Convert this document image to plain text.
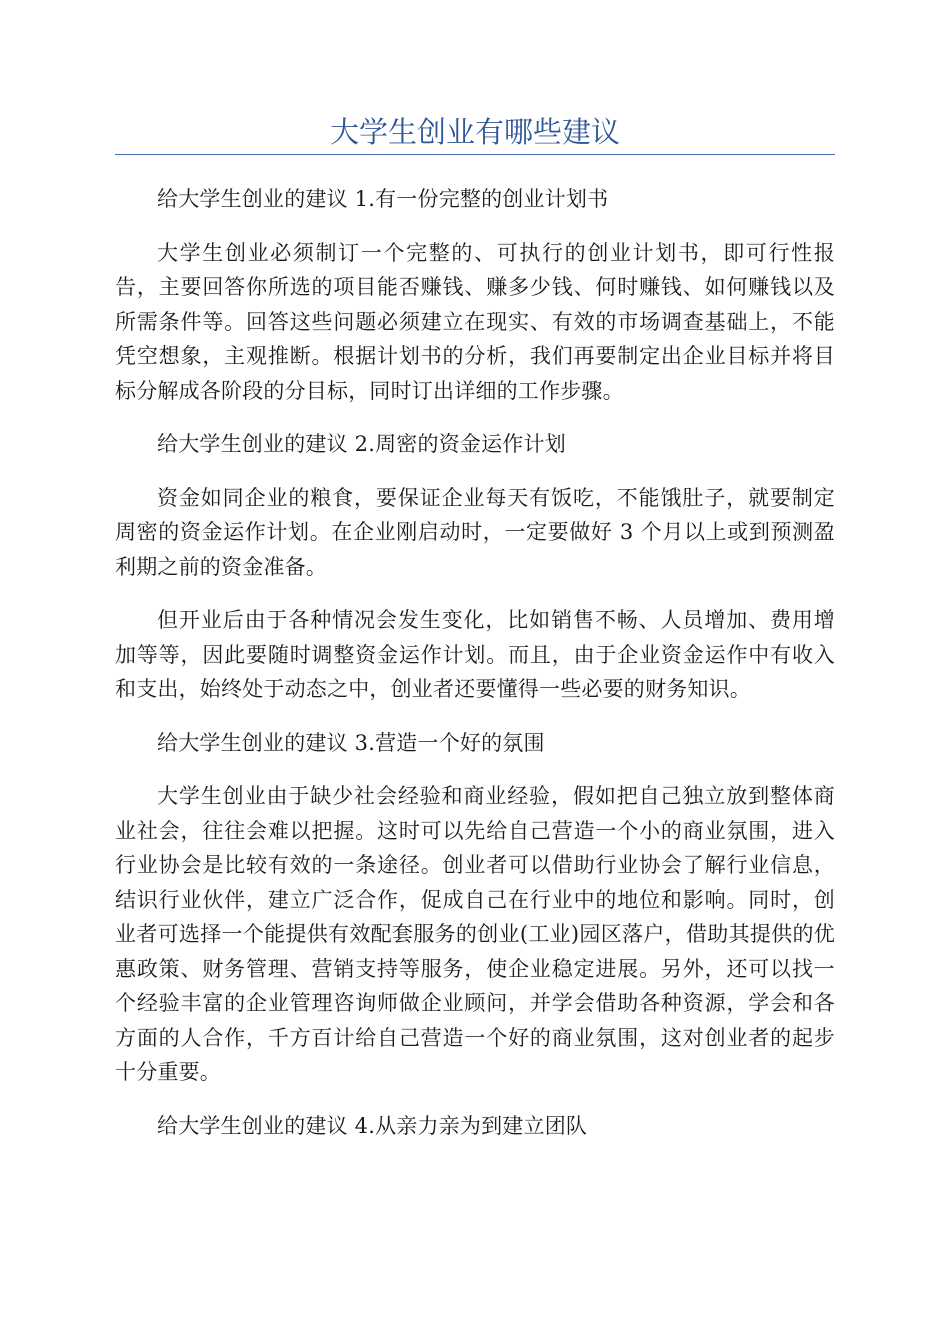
大学生创业有哪些建议

给大学生创业的建议 1.有一份完整的创业计划书

大学生创业必须制订一个完整的、可执行的创业计划书，即可行性报告，主要回答你所选的项目能否赚钱、赚多少钱、何时赚钱、如何赚钱以及所需条件等。回答这些问题必须建立在现实、有效的市场调查基础上，不能凭空想象，主观推断。根据计划书的分析，我们再要制定出企业目标并将目标分解成各阶段的分目标，同时订出详细的工作步骤。

给大学生创业的建议 2.周密的资金运作计划

资金如同企业的粮食，要保证企业每天有饭吃，不能饿肚子，就要制定周密的资金运作计划。在企业刚启动时，一定要做好 3 个月以上或到预测盈利期之前的资金准备。

但开业后由于各种情况会发生变化，比如销售不畅、人员增加、费用增加等等，因此要随时调整资金运作计划。而且，由于企业资金运作中有收入和支出，始终处于动态之中，创业者还要懂得一些必要的财务知识。

给大学生创业的建议 3.营造一个好的氛围

大学生创业由于缺少社会经验和商业经验，假如把自己独立放到整体商业社会，往往会难以把握。这时可以先给自己营造一个小的商业氛围，进入行业协会是比较有效的一条途径。创业者可以借助行业协会了解行业信息，结识行业伙伴，建立广泛合作，促成自己在行业中的地位和影响。同时，创业者可选择一个能提供有效配套服务的创业(工业)园区落户，借助其提供的优惠政策、财务管理、营销支持等服务，使企业稳定进展。另外，还可以找一个经验丰富的企业管理咨询师做企业顾问，并学会借助各种资源，学会和各方面的人合作，千方百计给自己营造一个好的商业氛围，这对创业者的起步十分重要。

给大学生创业的建议 4.从亲力亲为到建立团队
